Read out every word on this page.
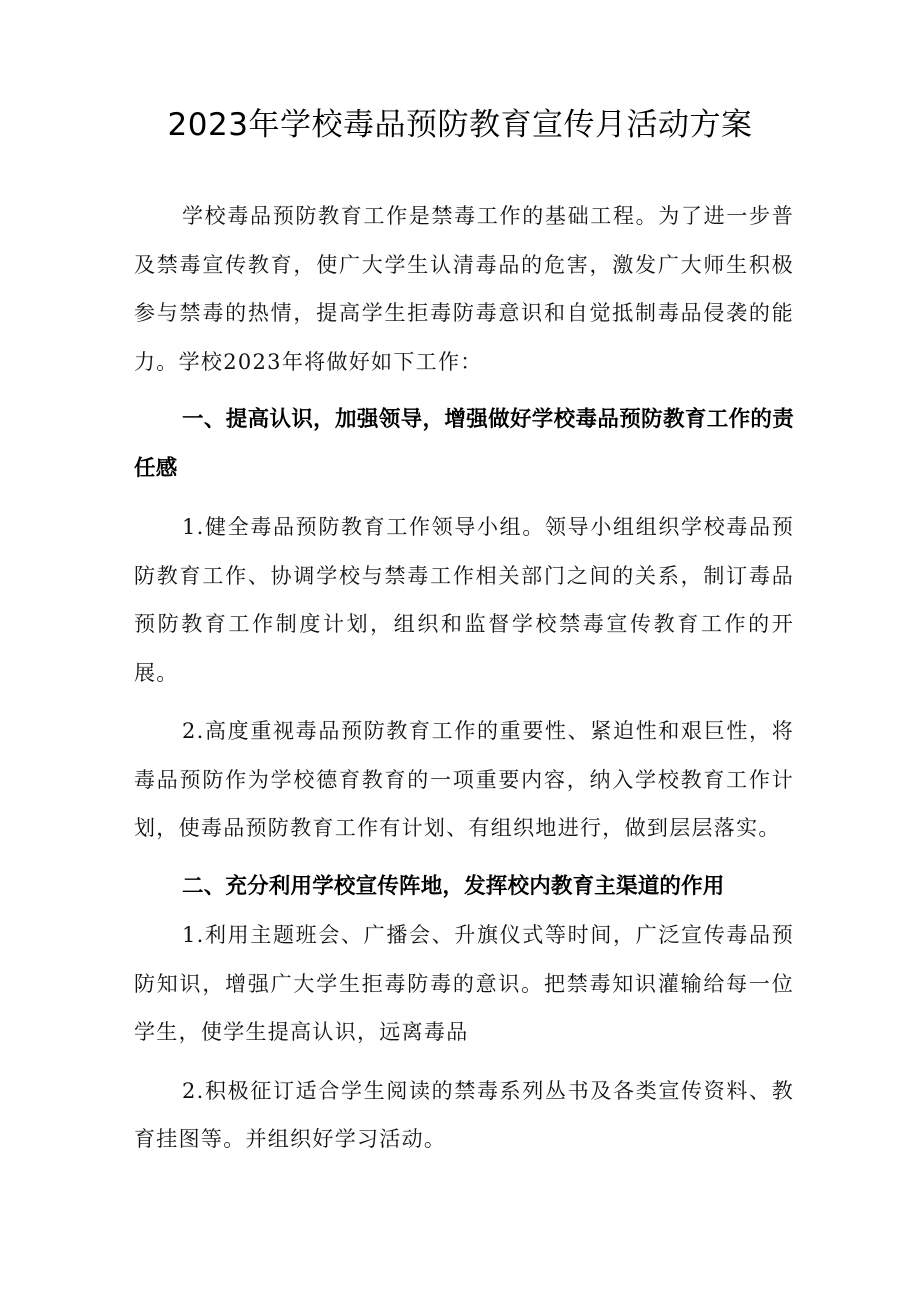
2023年学校毒品预防教育宣传月活动方案

学校毒品预防教育工作是禁毒工作的基础工程。为了进一步普及禁毒宣传教育，使广大学生认清毒品的危害，激发广大师生积极参与禁毒的热情，提高学生拒毒防毒意识和自觉抵制毒品侵袭的能力。学校2023年将做好如下工作：

一、提高认识，加强领导，增强做好学校毒品预防教育工作的责任感

1.健全毒品预防教育工作领导小组。领导小组组织学校毒品预防教育工作、协调学校与禁毒工作相关部门之间的关系，制订毒品预防教育工作制度计划，组织和监督学校禁毒宣传教育工作的开展。

2.高度重视毒品预防教育工作的重要性、紧迫性和艰巨性，将毒品预防作为学校德育教育的一项重要内容，纳入学校教育工作计划，使毒品预防教育工作有计划、有组织地进行，做到层层落实。

二、充分利用学校宣传阵地，发挥校内教育主渠道的作用

1.利用主题班会、广播会、升旗仪式等时间，广泛宣传毒品预防知识，增强广大学生拒毒防毒的意识。把禁毒知识灌输给每一位学生，使学生提高认识，远离毒品

2.积极征订适合学生阅读的禁毒系列丛书及各类宣传资料、教育挂图等。并组织好学习活动。
